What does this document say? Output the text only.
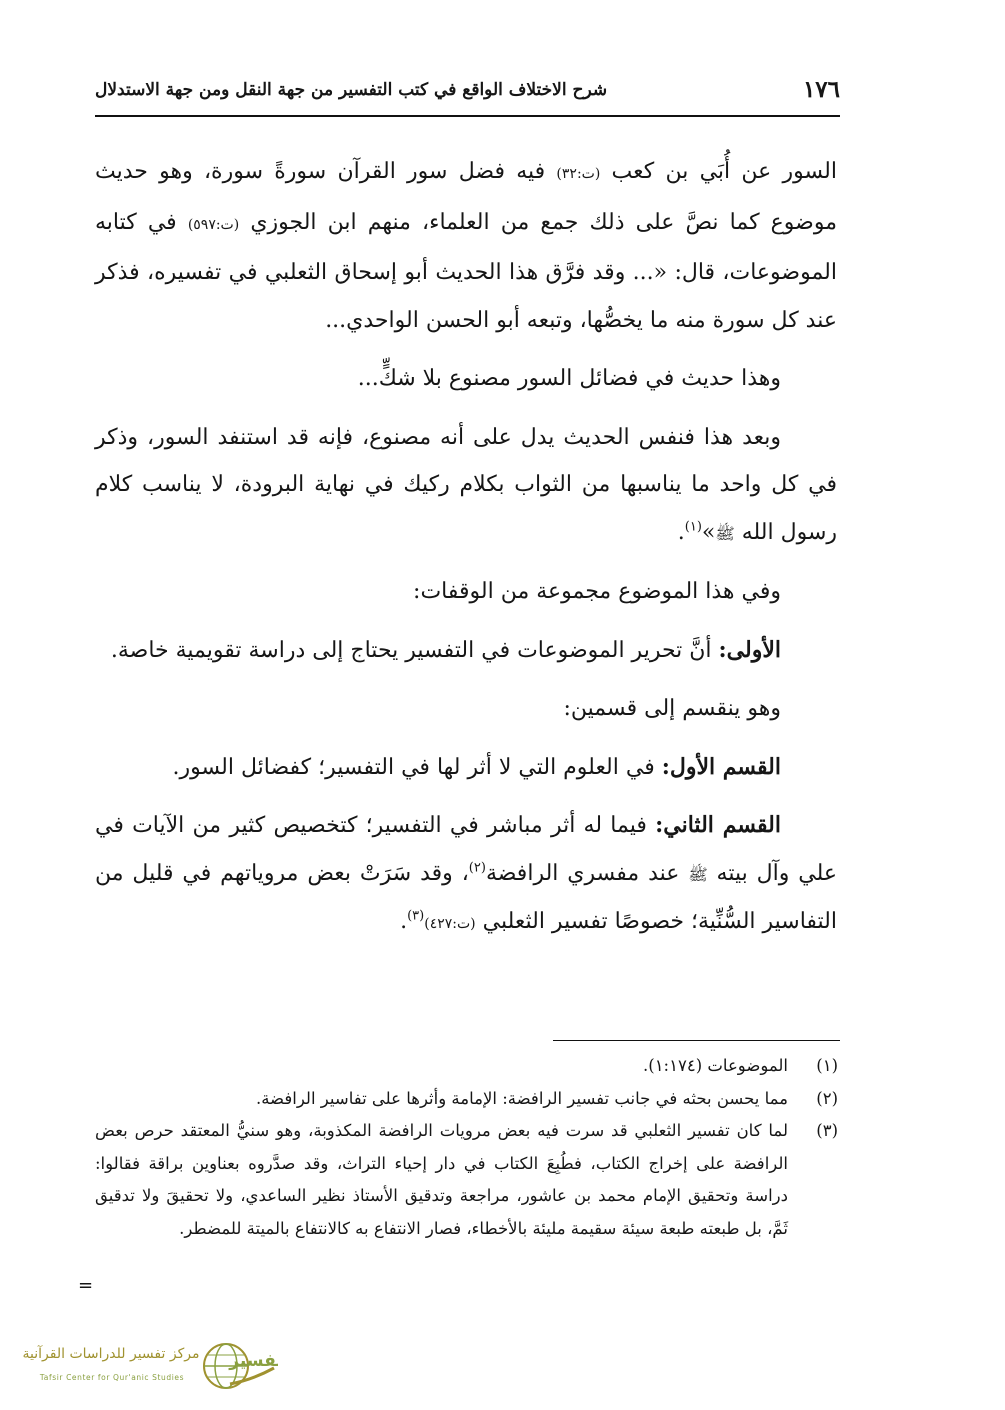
١٧٦
شرح الاختلاف الواقع في كتب التفسير من جهة النقل ومن جهة الاستدلال

السور عن أُبَي بن كعب (ت:٣٢) فيه فضل سور القرآن سورةً سورة، وهو حديث موضوع كما نصَّ على ذلك جمع من العلماء، منهم ابن الجوزي (ت:٥٩٧) في كتابه الموضوعات، قال: «... وقد فرَّق هذا الحديث أبو إسحاق الثعلبي في تفسيره، فذكر عند كل سورة منه ما يخصُّها، وتبعه أبو الحسن الواحدي...

وهذا حديث في فضائل السور مصنوع بلا شكٍّ...

وبعد هذا فنفس الحديث يدل على أنه مصنوع، فإنه قد استنفد السور، وذكر في كل واحد ما يناسبها من الثواب بكلام ركيك في نهاية البرودة، لا يناسب كلام رسول الله ﷺ»$^{(١)}$.

وفي هذا الموضوع مجموعة من الوقفات:

الأولى: أنَّ تحرير الموضوعات في التفسير يحتاج إلى دراسة تقويمية خاصة.

وهو ينقسم إلى قسمين:

القسم الأول: في العلوم التي لا أثر لها في التفسير؛ كفضائل السور.

القسم الثاني: فيما له أثر مباشر في التفسير؛ كتخصيص كثير من الآيات في علي وآل بيته ﷺ عند مفسري الرافضة$^{(٢)}$، وقد سَرَتْ بعض مروياتهم في قليل من التفاسير السُّنِّية؛ خصوصًا تفسير الثعلبي (ت:٤٢٧)$^{(٣)}$.

(١)
الموضوعات (١:١٧٤).
(٢)
مما يحسن بحثه في جانب تفسير الرافضة: الإمامة وأثرها على تفاسير الرافضة.
(٣)
لما كان تفسير الثعلبي قد سرت فيه بعض مرويات الرافضة المكذوبة، وهو سنيُّ المعتقد حرص بعض الرافضة على إخراج الكتاب، فطُبِعَ الكتاب في دار إحياء التراث، وقد صدَّروه بعناوين براقة فقالوا: دراسة وتحقيق الإمام محمد بن عاشور، مراجعة وتدقيق الأستاذ نظير الساعدي، ولا تحقيقَ ولا تدقيق ثَمَّ، بل طبعته طبعة سيئة سقيمة مليئة بالأخطاء، فصار الانتفاع به كالانتفاع بالميتة للمضطر.
=
تفسير
مركز تفسير للدراسات القرآنية
Tafsir Center for Qur'anic Studies
